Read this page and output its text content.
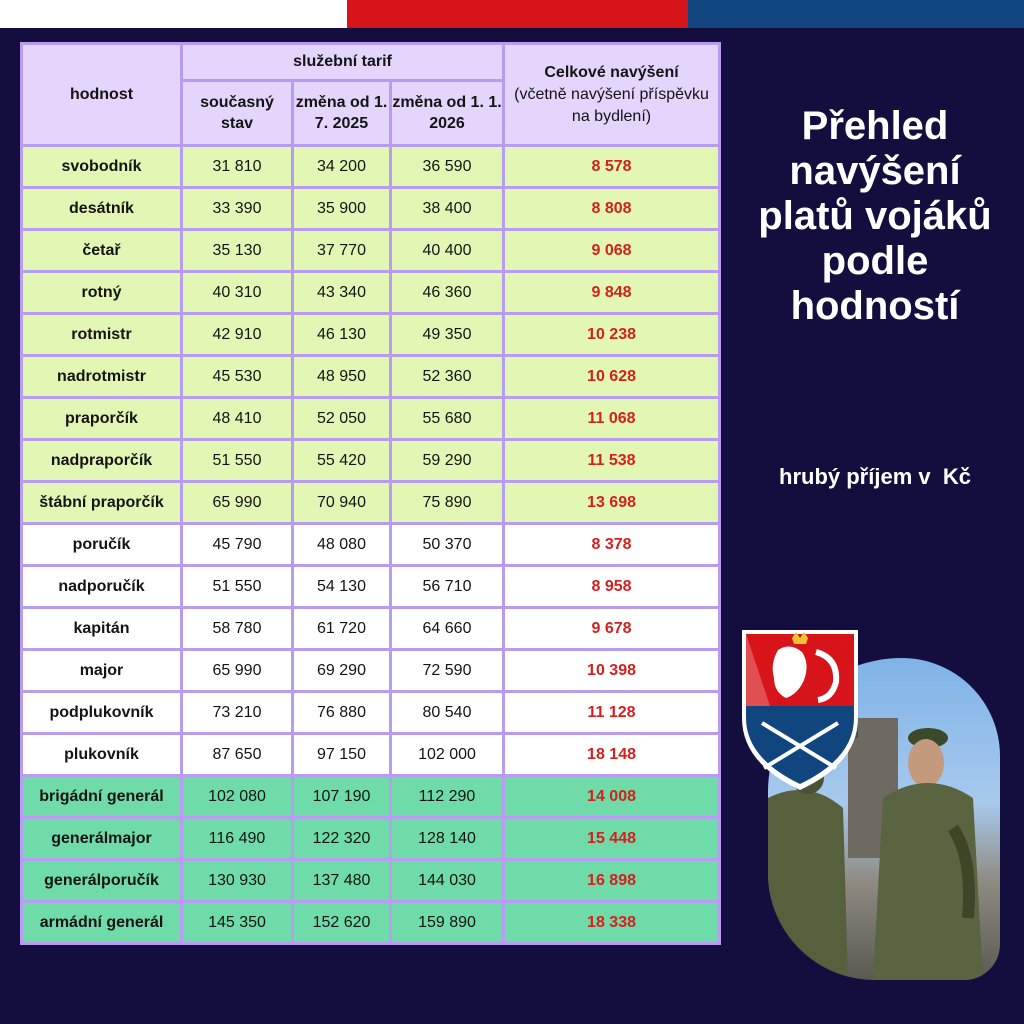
hodnost	služební tarif			Celkové navýšení
(včetně navýšení příspěvku na bydlení)

	současný stav	změna od 1. 7. 2025	změna od 1. 1. 2026	
svobodník	31 810	34 200	36 590	8 578
desátník	33 390	35 900	38 400	8 808
četař	35 130	37 770	40 400	9 068
rotný	40 310	43 340	46 360	9 848
rotmistr	42 910	46 130	49 350	10 238
nadrotmistr	45 530	48 950	52 360	10 628
praporčík	48 410	52 050	55 680	11 068
nadpraporčík	51 550	55 420	59 290	11 538
štábní praporčík	65 990	70 940	75 890	13 698
poručík	45 790	48 080	50 370	8 378
nadporučík	51 550	54 130	56 710	8 958
kapitán	58 780	61 720	64 660	9 678
major	65 990	69 290	72 590	10 398
podplukovník	73 210	76 880	80 540	11 128
plukovník	87 650	97 150	102 000	18 148
brigádní generál	102 080	107 190	112 290	14 008
generálmajor	116 490	122 320	128 140	15 448
generálporučík	130 930	137 480	144 030	16 898
armádní generál	145 350	152 620	159 890	18 338
Přehled navýšení platů vojáků podle hodností
hrubý příjem v  Kč
